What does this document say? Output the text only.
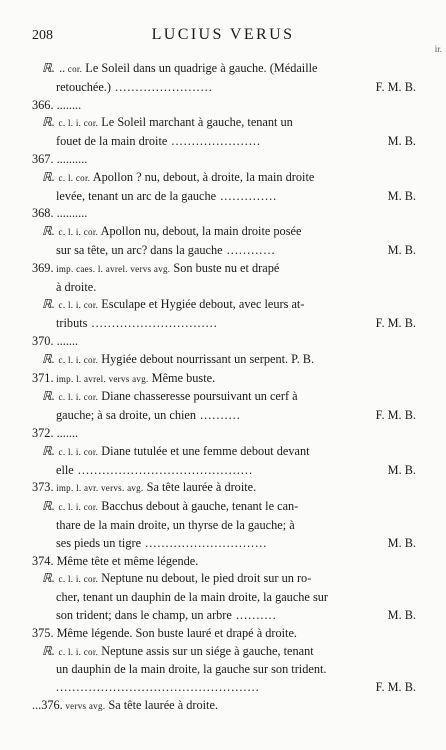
208	LUCIUS VERUS
ir.
ℝ. .. cor. Le Soleil dans un quadrige à gauche. (Médaille
retouchée.) ........................	F. M. B.
366. ........
ℝ. c. l. i. cor. Le Soleil marchant à gauche, tenant un
fouet de la main droite ......................	M. B.
367. ..........
ℝ. c. l. cor. Apollon ? nu, debout, à droite, la main droite
levée, tenant un arc de la gauche ..............	M. B.
368. ..........
ℝ. c. l. i. cor. Apollon nu, debout, la main droite posée
sur sa tête, un arc? dans la gauche ............	M. B.
369. imp. caes. l. avrel. vervs avg. Son buste nu et drapé
à droite.
ℝ. c. l. i. cor. Esculape et Hygiée debout, avec leurs at-
tributs ...............................	F. M. B.
370. .......
ℝ. c. l. i. cor. Hygiée debout nourrissant un serpent. P. B.
371. imp. l. avrel. vervs avg. Même buste.
ℝ. c. l. i. cor. Diane chasseresse poursuivant un cerf à
gauche; à sa droite, un chien ..........	F. M. B.
372. .......
ℝ. c. l. i. cor. Diane tutulée et une femme debout devant
elle ...........................................	M. B.
373. imp. l. avr. vervs. avg. Sa tête laurée à droite.
ℝ. c. l. i. cor. Bacchus debout à gauche, tenant le can-
thare de la main droite, un thyrse de la gauche; à
ses pieds un tigre ..............................	M. B.
374. Même tête et même légende.
ℝ. c. l. i. cor. Neptune nu debout, le pied droit sur un ro-
cher, tenant un dauphin de la main droite, la gauche sur
son trident; dans le champ, un arbre ..........	M. B.
375. Même légende. Son buste lauré et drapé à droite.
ℝ. c. l. i. cor. Neptune assis sur un siége à gauche, tenant
un dauphin de la main droite, la gauche sur son trident.
..................................................	F. M. B.
...376. vervs avg. Sa tête laurée à droite.
